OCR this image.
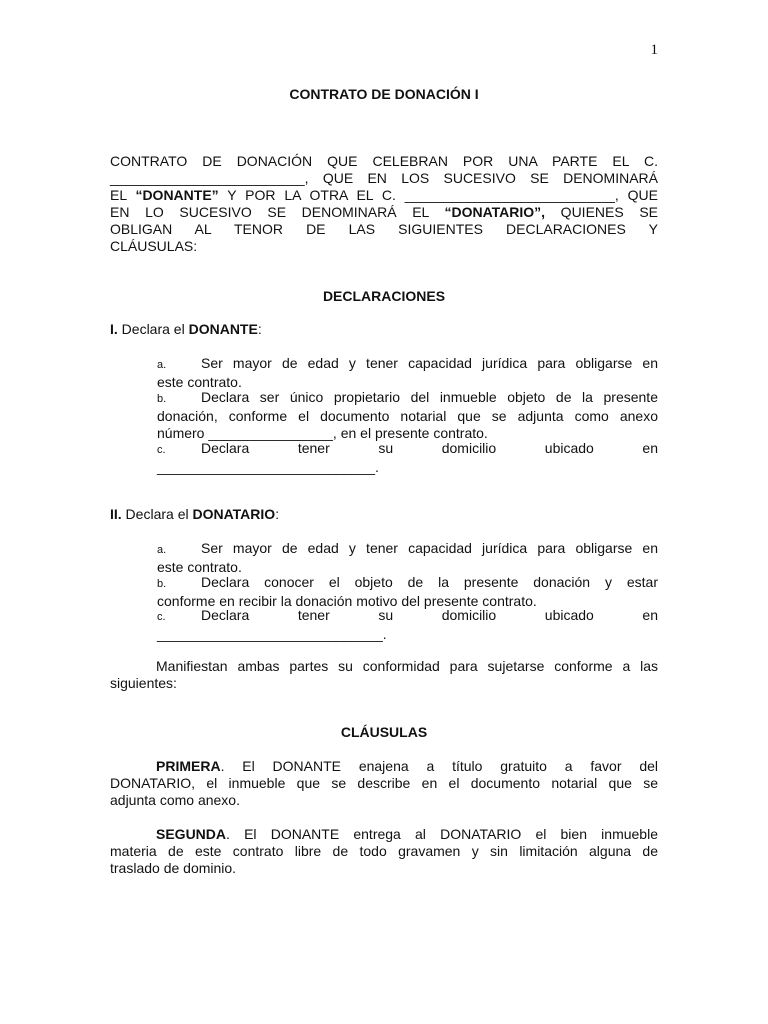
1
CONTRATO DE DONACIÓN I
CONTRATO DE DONACIÓN QUE CELEBRAN POR UNA PARTE EL C.
_________________________, QUE EN LOS SUCESIVO SE DENOMINARÁ
EL “DONANTE” Y POR LA OTRA EL C. ___________________________, QUE
EN LO SUCESIVO SE DENOMINARÁ EL “DONATARIO”, QUIENES SE
OBLIGAN AL TENOR DE LAS SIGUIENTES DECLARACIONES Y
CLÁUSULAS:
DECLARACIONES
I. Declara el DONANTE:
a. Ser mayor de edad y tener capacidad jurídica para obligarse en
este contrato.
b. Declara ser único propietario del inmueble objeto de la presente
donación, conforme el documento notarial que se adjunta como anexo
número ________________, en el presente contrato.
c.	Declara tener su domicilio ubicado en
____________________________.
II. Declara el DONATARIO:
a. Ser mayor de edad y tener capacidad jurídica para obligarse en
este contrato.
b. Declara conocer el objeto de la presente donación y estar
conforme en recibir la donación motivo del presente contrato.
c.	Declara tener su domicilio ubicado en
_____________________________.
Manifiestan ambas partes su conformidad para sujetarse conforme a las
siguientes:
CLÁUSULAS
PRIMERA. El DONANTE enajena a título gratuito a favor del
DONATARIO, el inmueble que se describe en el documento notarial que se
adjunta como anexo.
SEGUNDA. El DONANTE entrega al DONATARIO el bien inmueble
materia de este contrato libre de todo gravamen y sin limitación alguna de
traslado de dominio.
